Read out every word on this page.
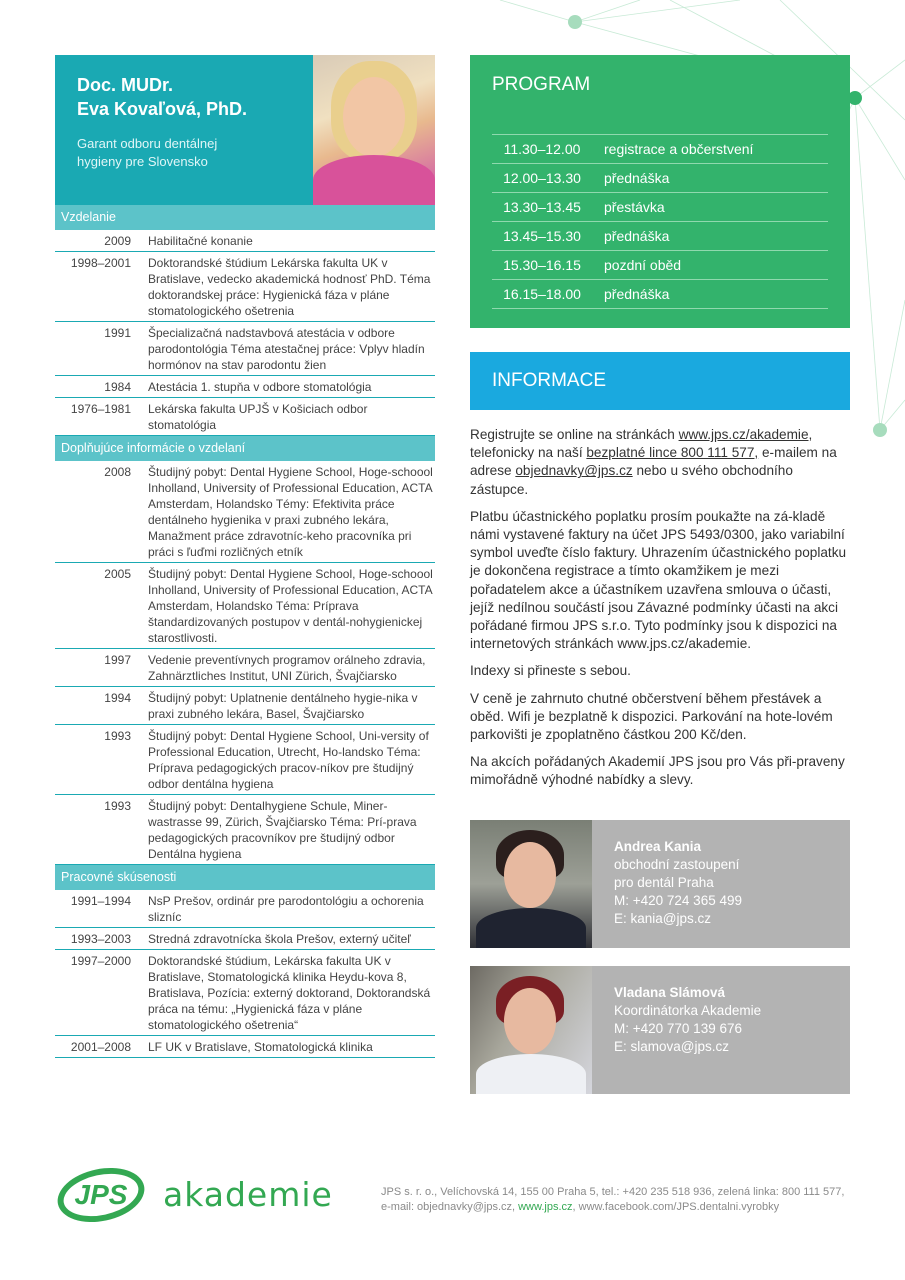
Doc. MUDr.
Eva Kovaľová, PhD.
Garant odboru dentálnej
hygieny pre Slovensko
Vzdelanie
2009	Habilitačné konanie
1998–2001	Doktorandské štúdium Lekárska fakulta UK v Bratislave, vedecko akademická hodnosť PhD. Téma doktorandskej práce: Hygienická fáza v pláne stomatologického ošetrenia
1991	Špecializačná nadstavbová atestácia v odbore parodontológia Téma atestačnej práce: Vplyv hladín hormónov na stav parodontu žien
1984	Atestácia 1. stupňa v odbore stomatológia
1976–1981	Lekárska fakulta UPJŠ v Košiciach odbor stomatológia
Doplňujúce informácie o vzdelaní
2008	Študijný pobyt: Dental Hygiene School, Hoge-schoool Inholland, University of Professional Education, ACTA Amsterdam, Holandsko Témy: Efektivita práce dentálneho hygienika v praxi zubného lekára, Manažment práce zdravotníc-keho pracovníka pri práci s ľuďmi rozličných etník
2005	Študijný pobyt: Dental Hygiene School, Hoge-schoool Inholland, University of Professional Education, ACTA Amsterdam, Holandsko Téma: Príprava štandardizovaných postupov v dentál-nohygienickej starostlivosti.
1997	Vedenie preventívnych programov orálneho zdravia, Zahnärztliches Institut, UNI Zürich, Švajčiarsko
1994	Študijný pobyt: Uplatnenie dentálneho hygie-nika v praxi zubného lekára, Basel, Švajčiarsko
1993	Študijný pobyt: Dental Hygiene School, Uni-versity of Professional Education, Utrecht, Ho-landsko Téma: Príprava pedagogických pracov-níkov pre študijný odbor dentálna hygiena
1993	Študijný pobyt: Dentalhygiene Schule, Miner-wastrasse 99, Zürich, Švajčiarsko Téma: Prí-prava pedagogických pracovníkov pre študijný odbor Dentálna hygiena
Pracovné skúsenosti
1991–1994	NsP Prešov, ordinár pre parodontológiu a ochorenia slizníc
1993–2003	Stredná zdravotnícka škola Prešov, externý učiteľ
1997–2000	Doktorandské štúdium, Lekárska fakulta UK v Bratislave, Stomatologická klinika Heydu-kova 8, Bratislava, Pozícia: externý doktorand, Doktorandská práca na tému: „Hygienická fáza v pláne stomatologického ošetrenia“
2001–2008	LF UK v Bratislave, Stomatologická klinika
PROGRAM
11.30–12.00	registrace a občerstvení
12.00–13.30	přednáška
13.30–13.45	přestávka
13.45–15.30	přednáška
15.30–16.15	pozdní oběd
16.15–18.00	přednáška
INFORMACE

Registrujte se online na stránkách www.jps.cz/akademie, telefonicky na naší bezplatné lince 800 111 577, e-mailem na adrese objednavky@jps.cz nebo u svého obchodního zástupce.

Platbu účastnického poplatku prosím poukažte na zá-kladě námi vystavené faktury na účet JPS 5493/0300, jako variabilní symbol uveďte číslo faktury. Uhrazením účastnického poplatku je dokončena registrace a tímto okamžikem je mezi pořadatelem akce a účastníkem uzavřena smlouva o účasti, jejíž nedílnou součástí jsou Závazné podmínky účasti na akci pořádané firmou JPS s.r.o. Tyto podmínky jsou k dispozici na internetových stránkách www.jps.cz/akademie.

Indexy si přineste s sebou.

V ceně je zahrnuto chutné občerstvení během přestávek a oběd. Wifi je bezplatně k dispozici. Parkování na hote-lovém parkovišti je zpoplatněno částkou 200 Kč/den.

Na akcích pořádaných Akademií JPS jsou pro Vás při-praveny mimořádně výhodné nabídky a slevy.

Andrea Kania
obchodní zastoupení
pro dentál Praha
M: +420 724 365 499
E: kania@jps.cz
Vladana Slámová
Koordinátorka Akademie
M: +420 770 139 676
E: slamova@jps.cz
JPS akademie	JPS s. r. o., Velíchovská 14, 155 00 Praha 5, tel.: +420 235 518 936, zelená linka: 800 111 577,
e-mail: objednavky@jps.cz, www.jps.cz, www.facebook.com/JPS.dentalni.vyrobky
